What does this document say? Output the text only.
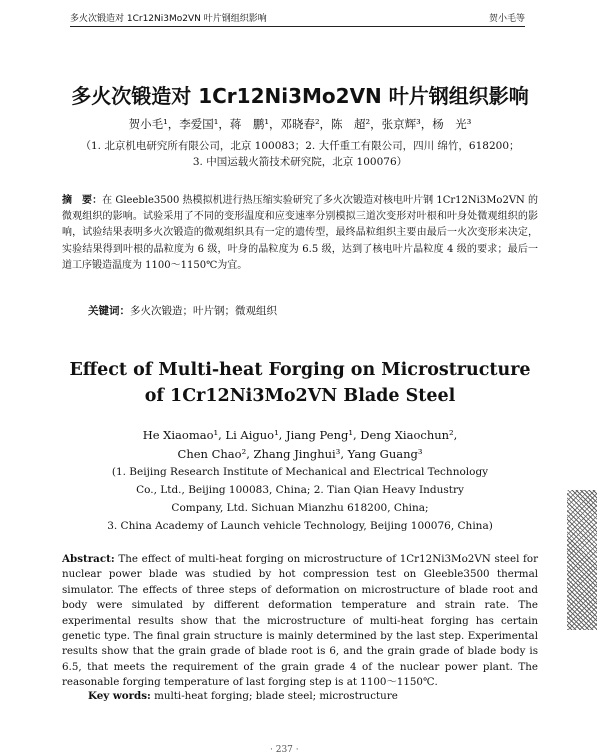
多火次锻造对 1Cr12Ni3Mo2VN 叶片钢组织影响	贺小毛等
多火次锻造对 1Cr12Ni3Mo2VN 叶片钢组织影响
贺小毛¹，李爱国¹，蒋　鹏¹，邓晓春²，陈　超²，张京辉³，杨　光³
（1. 北京机电研究所有限公司，北京 100083；2. 大仟重工有限公司，四川 绵竹，618200；
3. 中国运载火箭技术研究院，北京 100076）
摘　要：在 Gleeble3500 热模拟机进行热压缩实验研究了多火次锻造对核电叶片钢 1Cr12Ni3Mo2VN 的微观组织的影响。试验采用了不同的变形温度和应变速率分别模拟三道次变形对叶根和叶身处微观组织的影响，试验结果表明多火次锻造的微观组织具有一定的遗传型，最终晶粒组织主要由最后一火次变形来决定，实验结果得到叶根的晶粒度为 6 级，叶身的晶粒度为 6.5 级，达到了核电叶片晶粒度 4 级的要求；最后一道工序锻造温度为 1100～1150℃为宜。
关键词：多火次锻造；叶片钢；微观组织
Effect of Multi-heat Forging on Microstructure
of 1Cr12Ni3Mo2VN Blade Steel
He Xiaomao¹, Li Aiguo¹, Jiang Peng¹, Deng Xiaochun²,
Chen Chao², Zhang Jinghui³, Yang Guang³
(1. Beijing Research Institute of Mechanical and Electrical Technology
Co., Ltd., Beijing 100083, China; 2. Tian Qian Heavy Industry
Company, Ltd. Sichuan Mianzhu 618200, China;
3. China Academy of Launch vehicle Technology, Beijing 100076, China)
Abstract: The effect of multi-heat forging on microstructure of 1Cr12Ni3Mo2VN steel for nuclear power blade was studied by hot compression test on Gleeble3500 thermal simulator. The effects of three steps of deformation on microstructure of blade root and body were simulated by different deformation temperature and strain rate. The experimental results show that the microstructure of multi-heat forging has certain genetic type. The final grain structure is mainly determined by the last step. Experimental results show that the grain grade of blade root is 6, and the grain grade of blade body is 6.5, that meets the requirement of the grain grade 4 of the nuclear power plant. The reasonable forging temperature of last forging step is at 1100～1150℃.
Key words: multi-heat forging; blade steel; microstructure
· 237 ·
